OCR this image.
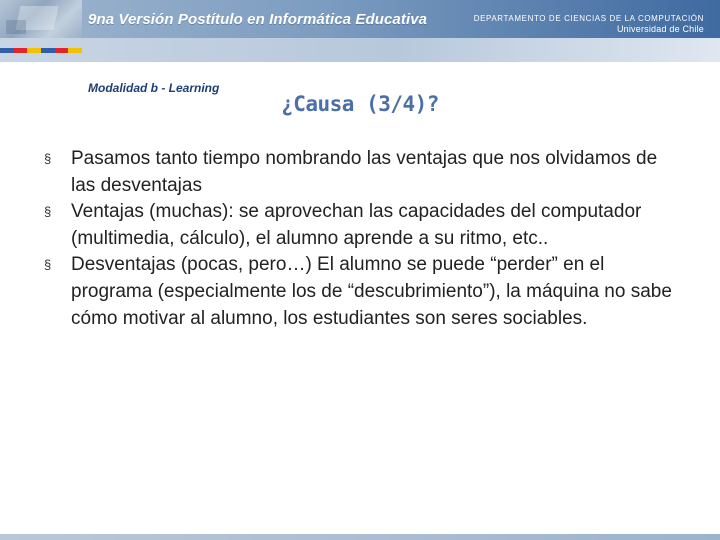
9na Versión Postítulo en Informática Educativa	DEPARTAMENTO DE CIENCIAS DE LA COMPUTACIÓN
Universidad de Chile
Modalidad b - Learning
¿Causa (3/4)?
§	Pasamos tanto tiempo nombrando las ventajas que nos olvidamos de las desventajas
§	Ventajas (muchas): se aprovechan las capacidades del computador (multimedia, cálculo), el alumno aprende a su ritmo, etc..
§	Desventajas (pocas, pero…) El alumno se puede “perder” en el programa (especialmente los de “descubrimiento”), la máquina no sabe cómo motivar al alumno, los estudiantes son seres sociables.
